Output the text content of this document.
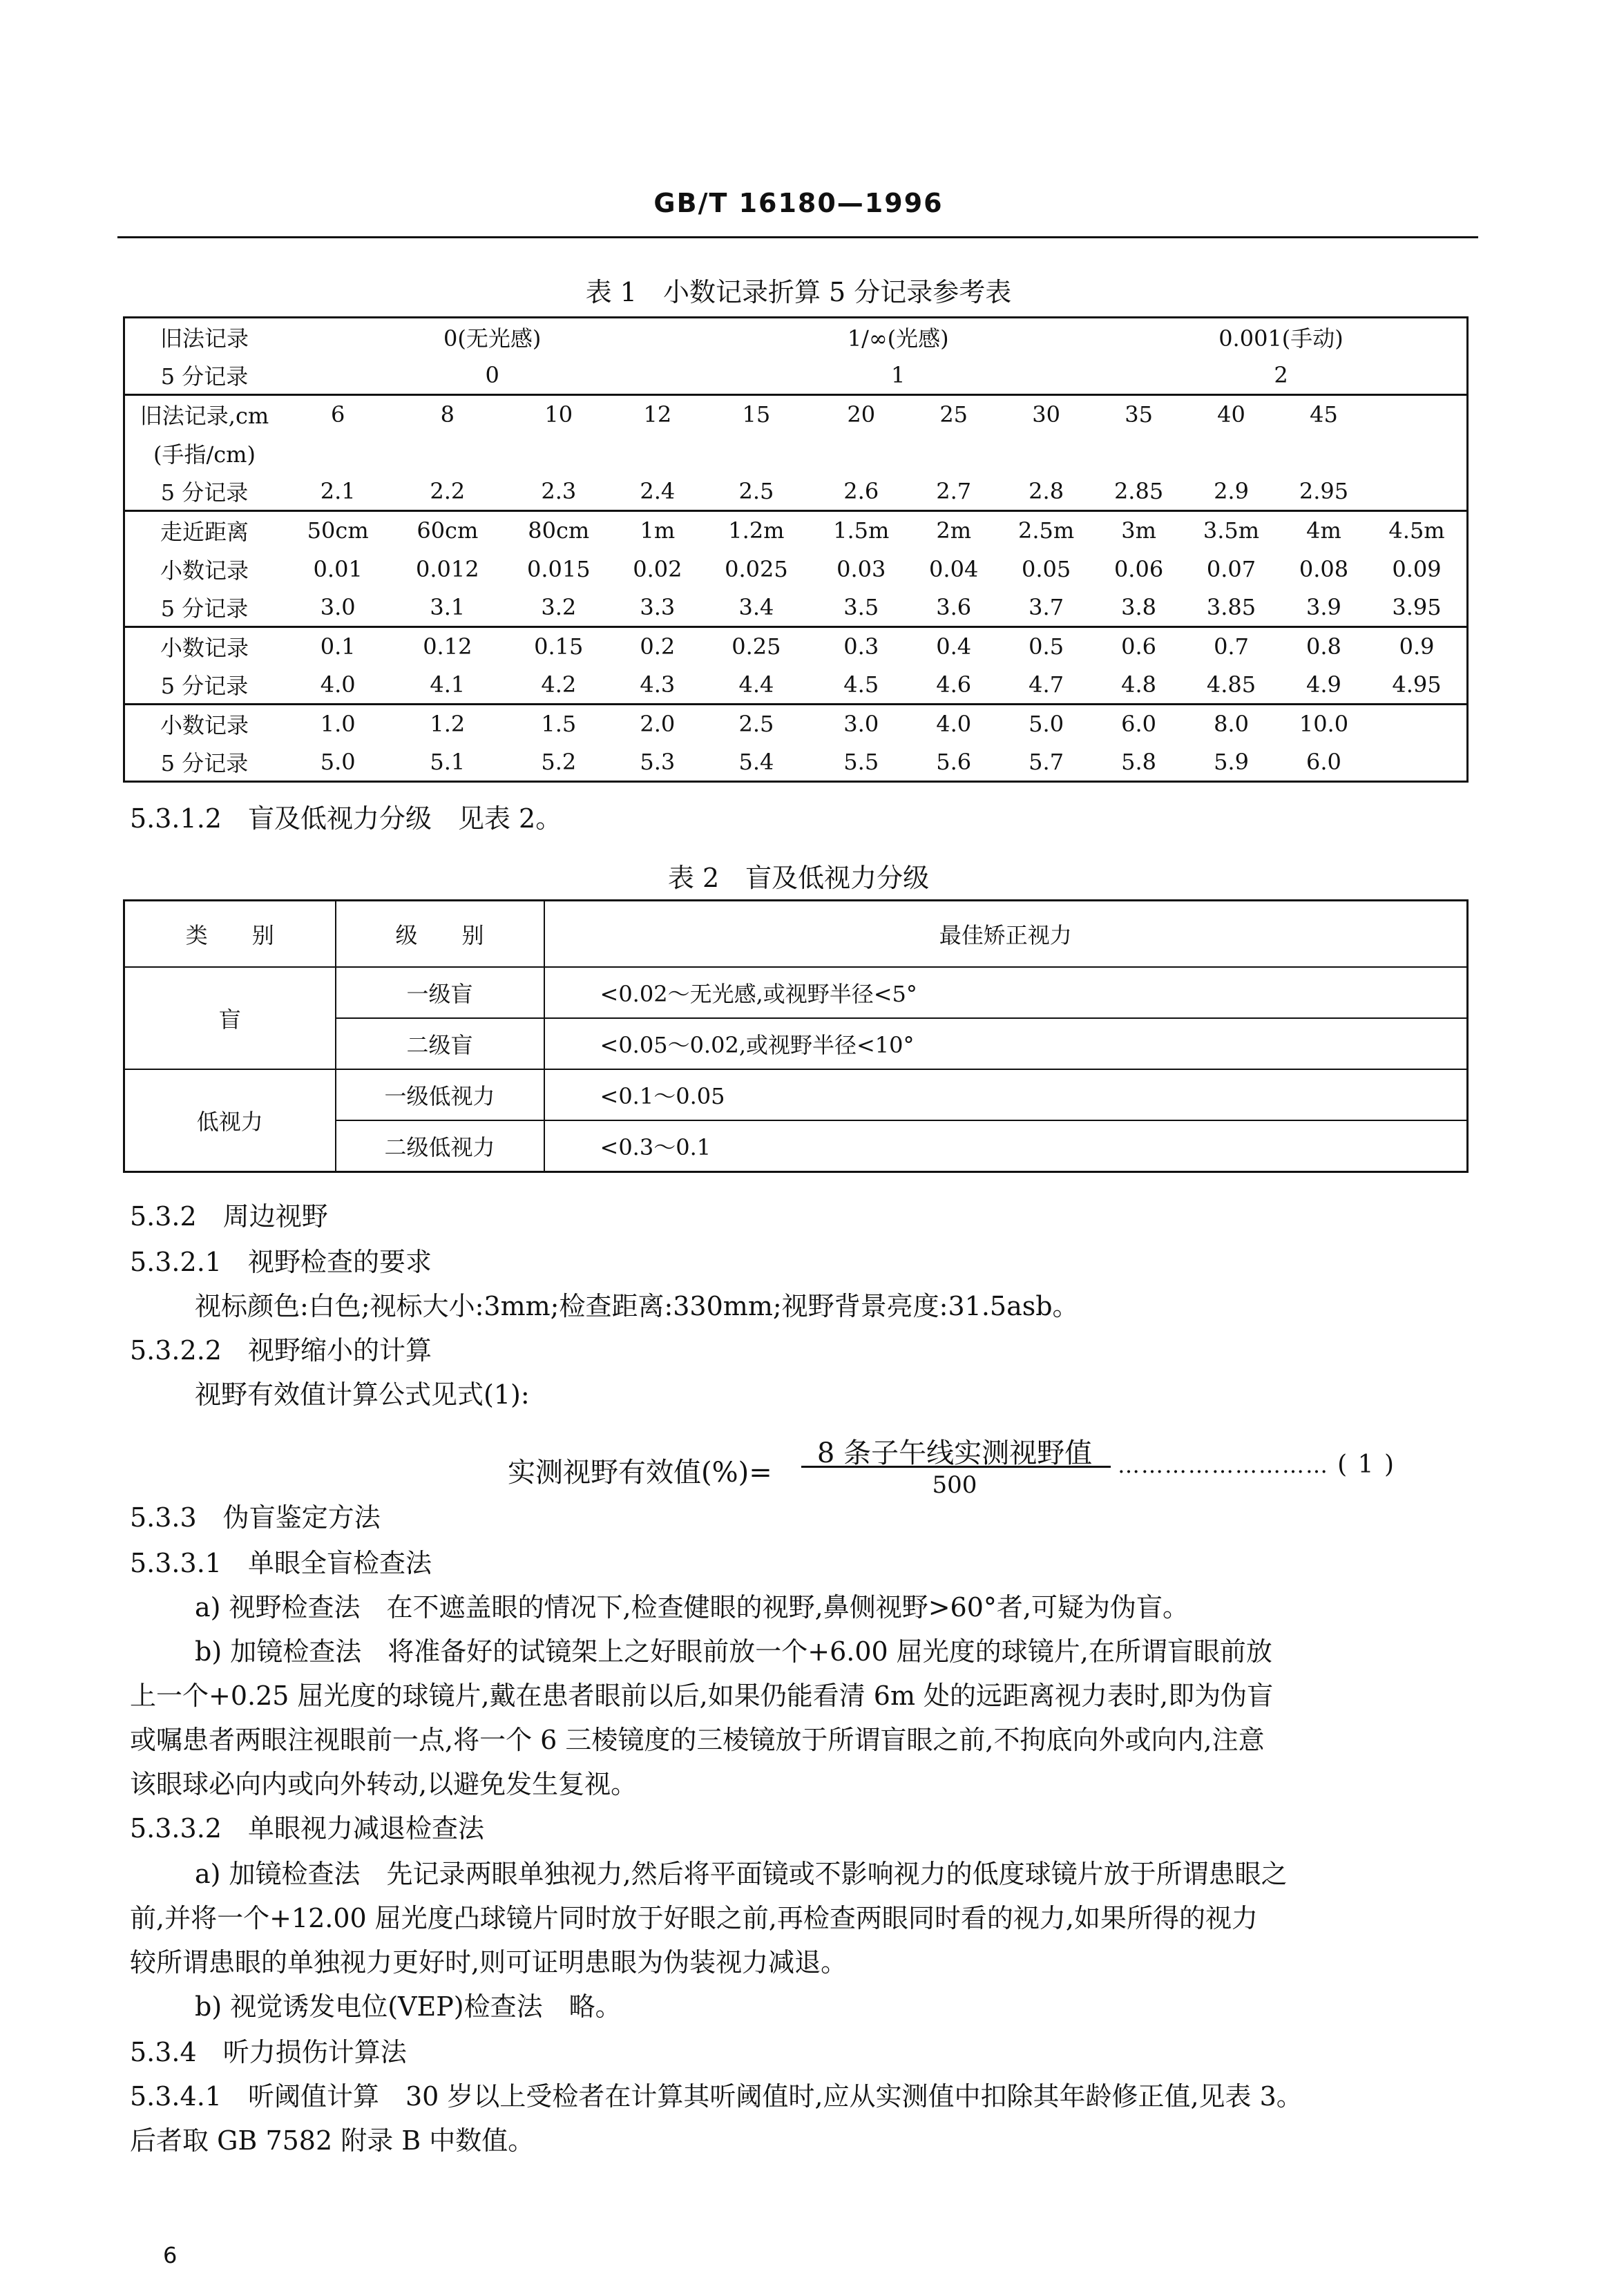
GB/T 16180—1996
表 1　小数记录折算 5 分记录参考表
旧法记录	0(无光感)				1/∞(光感)				0.001(手动)			
5 分记录	0				1				2			
旧法记录,cm	6	8	10	12	15	20	25	30	35	40	45	
(手指/cm)												
5 分记录	2.1	2.2	2.3	2.4	2.5	2.6	2.7	2.8	2.85	2.9	2.95	
走近距离	50cm	60cm	80cm	1m	1.2m	1.5m	2m	2.5m	3m	3.5m	4m	4.5m
小数记录	0.01	0.012	0.015	0.02	0.025	0.03	0.04	0.05	0.06	0.07	0.08	0.09
5 分记录	3.0	3.1	3.2	3.3	3.4	3.5	3.6	3.7	3.8	3.85	3.9	3.95
小数记录	0.1	0.12	0.15	0.2	0.25	0.3	0.4	0.5	0.6	0.7	0.8	0.9
5 分记录	4.0	4.1	4.2	4.3	4.4	4.5	4.6	4.7	4.8	4.85	4.9	4.95
小数记录	1.0	1.2	1.5	2.0	2.5	3.0	4.0	5.0	6.0	8.0	10.0	
5 分记录	5.0	5.1	5.2	5.3	5.4	5.5	5.6	5.7	5.8	5.9	6.0	
5.3.1.2　盲及低视力分级　见表 2。
表 2　盲及低视力分级
类　　别	级　　别	最佳矫正视力
盲	一级盲	<0.02～无光感,或视野半径<5°
	二级盲	<0.05～0.02,或视野半径<10°
低视力	一级低视力	<0.1～0.05
	二级低视力	<0.3～0.1
5.3.2　周边视野
5.3.2.1　视野检查的要求
视标颜色:白色;视标大小:3mm;检查距离:330mm;视野背景亮度:31.5asb。
5.3.2.2　视野缩小的计算
视野有效值计算公式见式(1):
实测视野有效值(%)=
8 条子午线实测视野值
500
……………………… ( 1 )
5.3.3　伪盲鉴定方法
5.3.3.1　单眼全盲检查法
a) 视野检查法　在不遮盖眼的情况下,检查健眼的视野,鼻侧视野>60°者,可疑为伪盲。
b) 加镜检查法　将准备好的试镜架上之好眼前放一个+6.00 屈光度的球镜片,在所谓盲眼前放
上一个+0.25 屈光度的球镜片,戴在患者眼前以后,如果仍能看清 6m 处的远距离视力表时,即为伪盲
或嘱患者两眼注视眼前一点,将一个 6 三棱镜度的三棱镜放于所谓盲眼之前,不拘底向外或向内,注意
该眼球必向内或向外转动,以避免发生复视。
5.3.3.2　单眼视力减退检查法
a) 加镜检查法　先记录两眼单独视力,然后将平面镜或不影响视力的低度球镜片放于所谓患眼之
前,并将一个+12.00 屈光度凸球镜片同时放于好眼之前,再检查两眼同时看的视力,如果所得的视力
较所谓患眼的单独视力更好时,则可证明患眼为伪装视力减退。
b) 视觉诱发电位(VEP)检查法　略。
5.3.4　听力损伤计算法
5.3.4.1　听阈值计算　30 岁以上受检者在计算其听阈值时,应从实测值中扣除其年龄修正值,见表 3。
后者取 GB 7582 附录 B 中数值。
6
